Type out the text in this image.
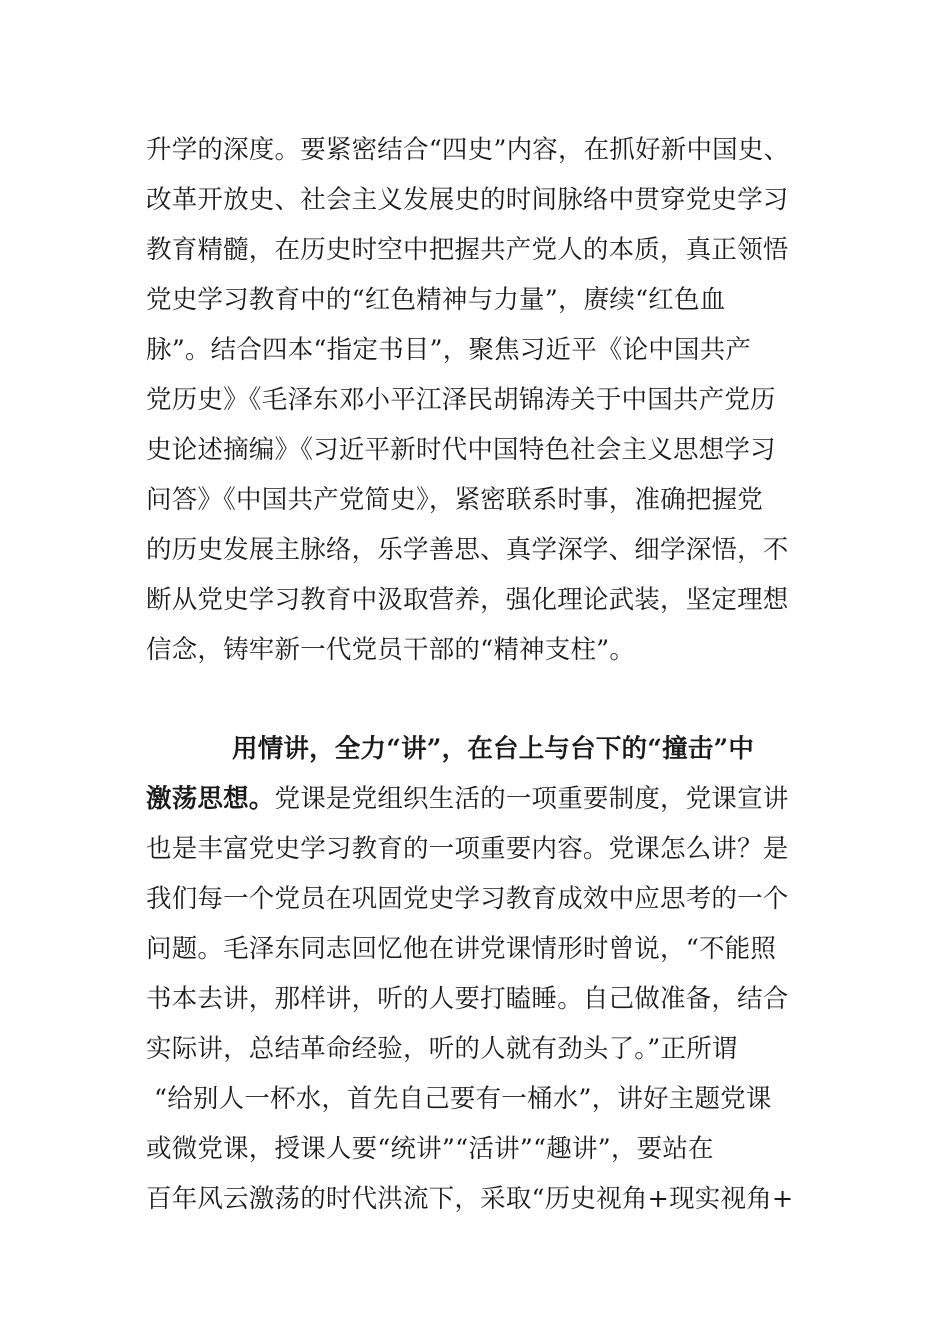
升学的深度。要紧密结合“四史”内容，在抓好新中国史、
改革开放史、社会主义发展史的时间脉络中贯穿党史学习
教育精髓，在历史时空中把握共产党人的本质，真正领悟
党史学习教育中的“红色精神与力量”，赓续“红色血
脉”。结合四本“指定书目”，聚焦习近平《论中国共产
党历史》《毛泽东邓小平江泽民胡锦涛关于中国共产党历
史论述摘编》《习近平新时代中国特色社会主义思想学习
问答》《中国共产党简史》，紧密联系时事，准确把握党
的历史发展主脉络，乐学善思、真学深学、细学深悟，不
断从党史学习教育中汲取营养，强化理论武装，坚定理想
信念，铸牢新一代党员干部的“精神支柱”。
用情讲，全力“讲”，在台上与台下的“撞击”中
激荡思想。党课是党组织生活的一项重要制度，党课宣讲
也是丰富党史学习教育的一项重要内容。党课怎么讲？是
我们每一个党员在巩固党史学习教育成效中应思考的一个
问题。毛泽东同志回忆他在讲党课情形时曾说，“不能照
书本去讲，那样讲，听的人要打瞌睡。自己做准备，结合
实际讲，总结革命经验，听的人就有劲头了。”正所谓
“给别人一杯水，首先自己要有一桶水”，讲好主题党课
或微党课，授课人要“统讲”“活讲”“趣讲”，要站在
百年风云激荡的时代洪流下，采取“历史视角+现实视角+
